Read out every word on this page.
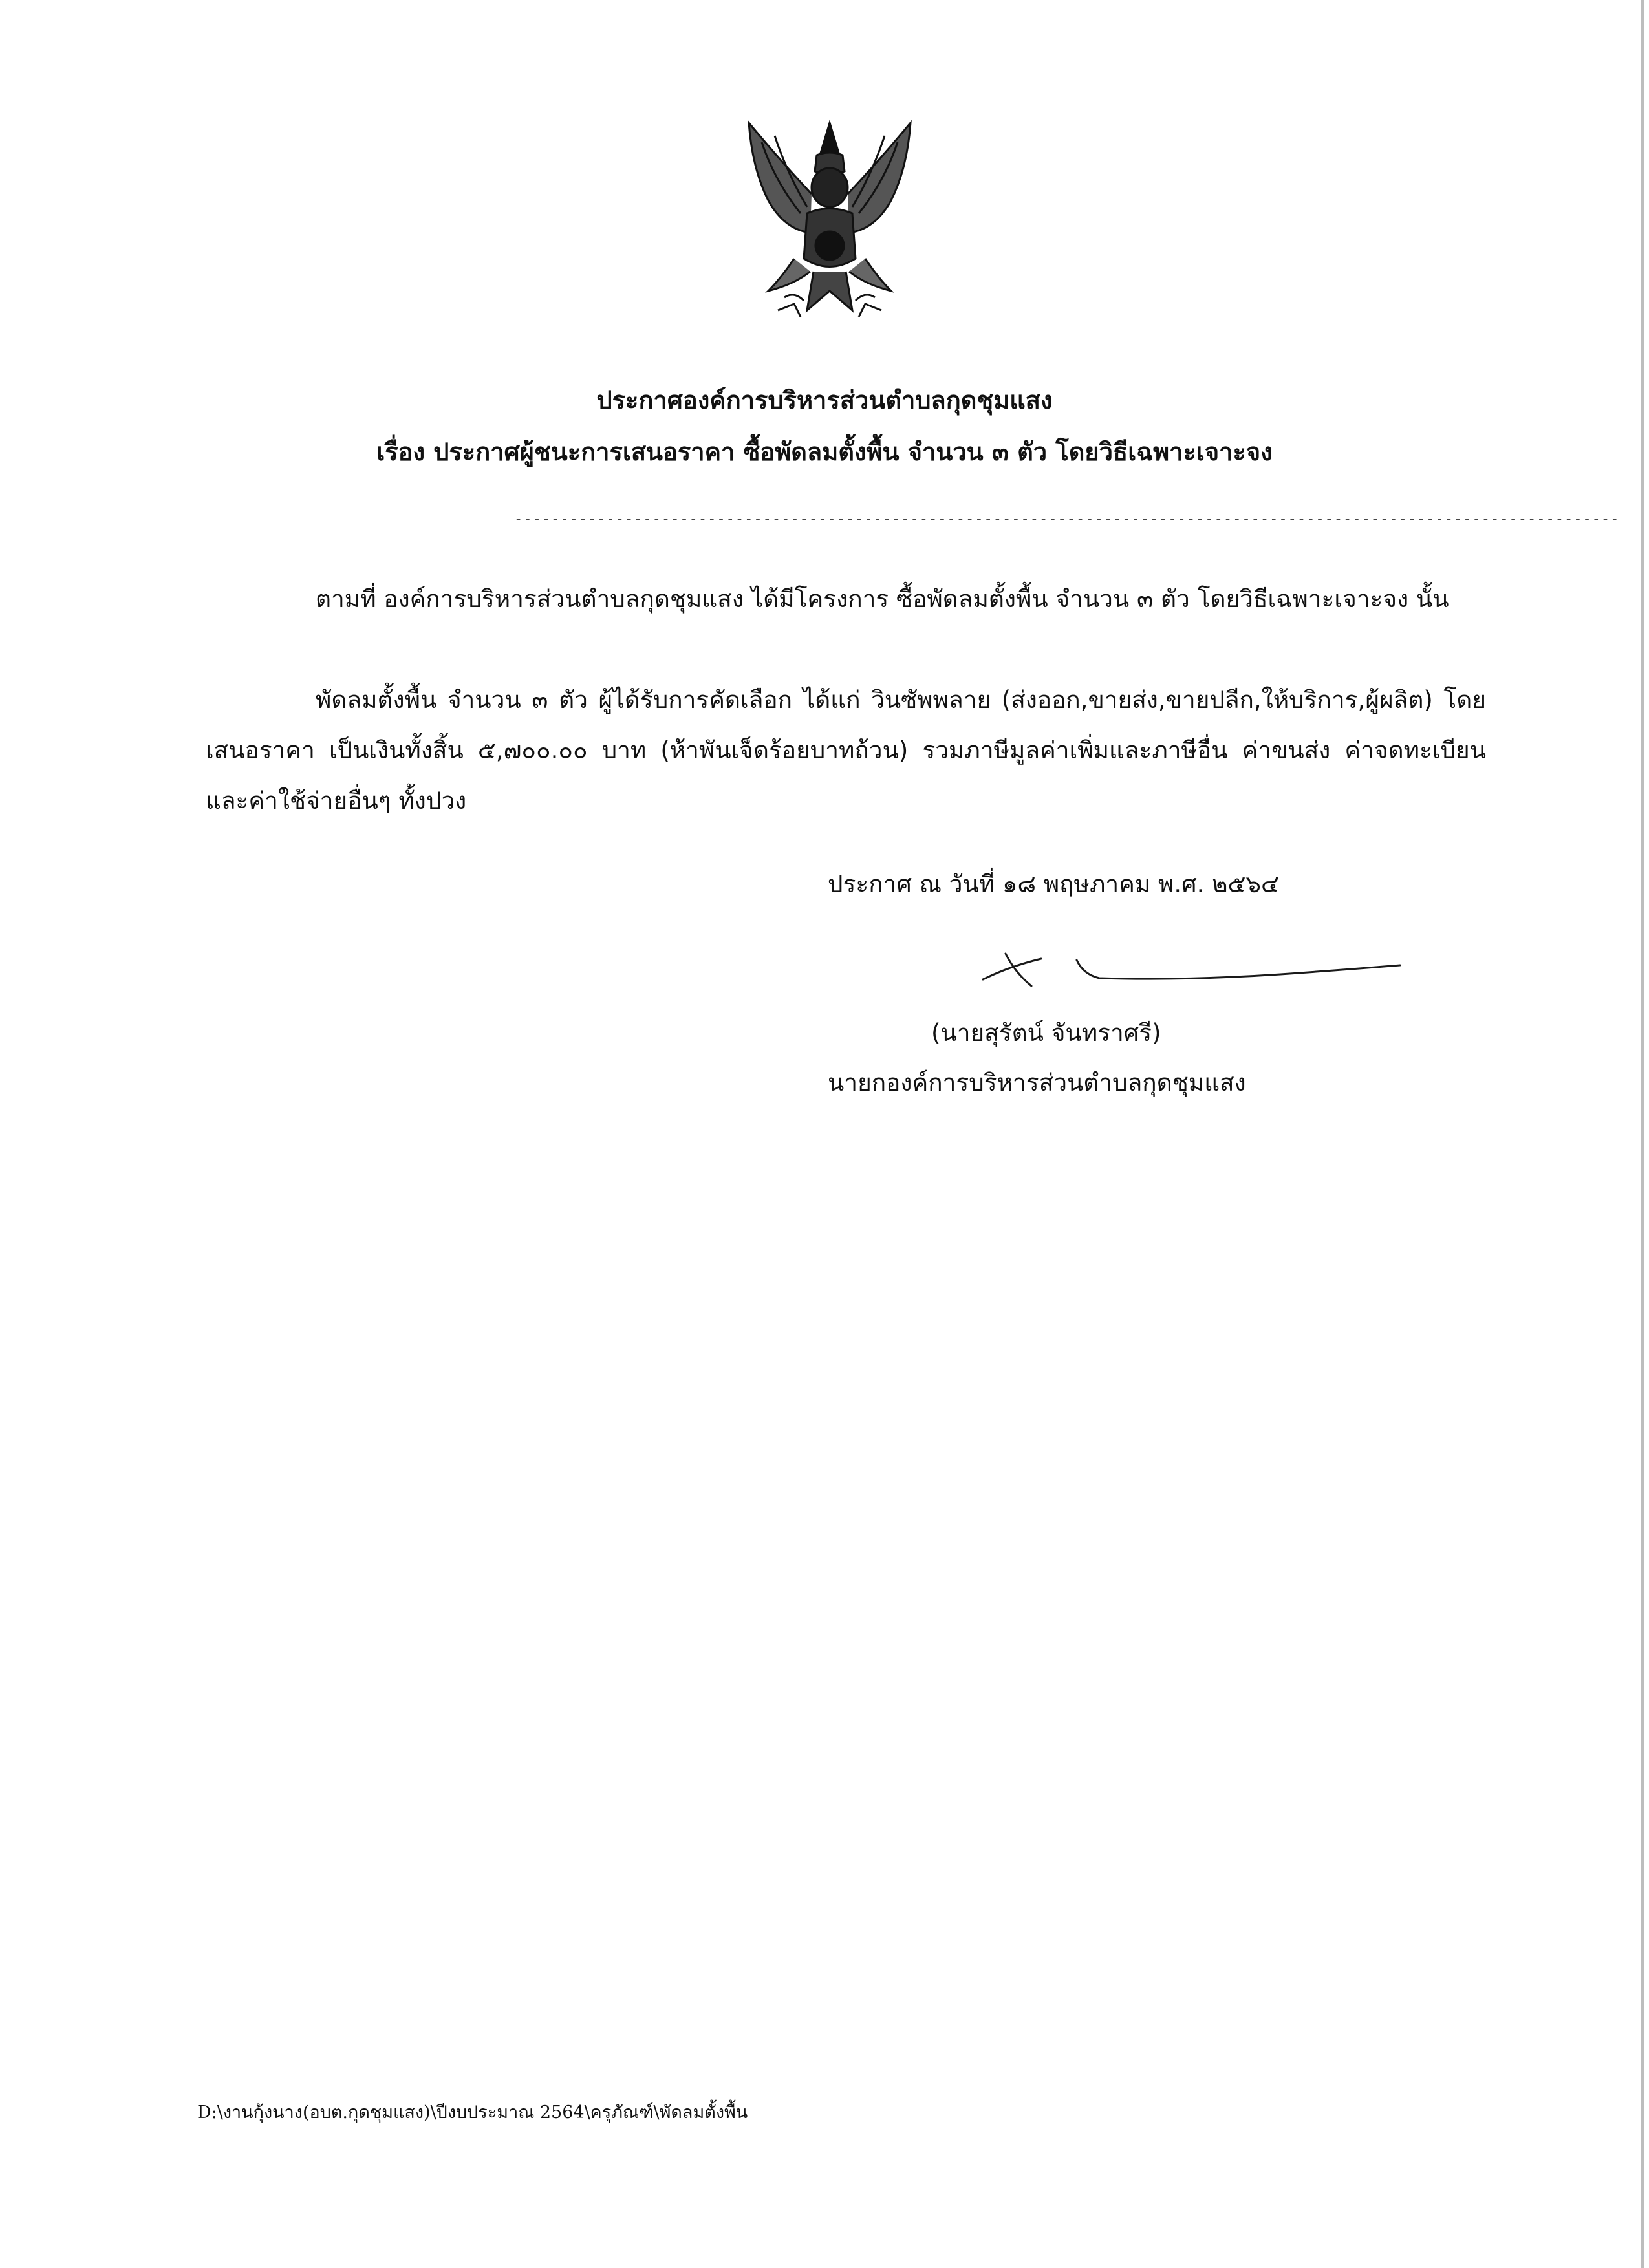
ประกาศองค์การบริหารส่วนตำบลกุดชุมแสง
เรื่อง ประกาศผู้ชนะการเสนอราคา ซื้อพัดลมตั้งพื้น จำนวน ๓ ตัว โดยวิธีเฉพาะเจาะจง
------------------------------------------------------------------------------------------------------------------------
ตามที่ องค์การบริหารส่วนตำบลกุดชุมแสง ได้มีโครงการ ซื้อพัดลมตั้งพื้น จำนวน ๓ ตัว โดยวิธีเฉพาะเจาะจง นั้น
พัดลมตั้งพื้น จำนวน ๓ ตัว ผู้ได้รับการคัดเลือก ได้แก่ วินซัพพลาย (ส่งออก,ขายส่ง,ขายปลีก,ให้บริการ,ผู้ผลิต) โดยเสนอราคา เป็นเงินทั้งสิ้น ๕,๗๐๐.๐๐ บาท (ห้าพันเจ็ดร้อยบาทถ้วน) รวมภาษีมูลค่าเพิ่มและภาษีอื่น ค่าขนส่ง ค่าจดทะเบียน และค่าใช้จ่ายอื่นๆ ทั้งปวง
ประกาศ ณ วันที่ ๑๘ พฤษภาคม พ.ศ. ๒๕๖๔
(นายสุรัตน์ จันทราศรี)
นายกองค์การบริหารส่วนตำบลกุดชุมแสง
D:\งานกุ้งนาง(อบต.กุดชุมแสง)\ปีงบประมาณ 2564\ครุภัณฑ์\พัดลมตั้งพื้น
